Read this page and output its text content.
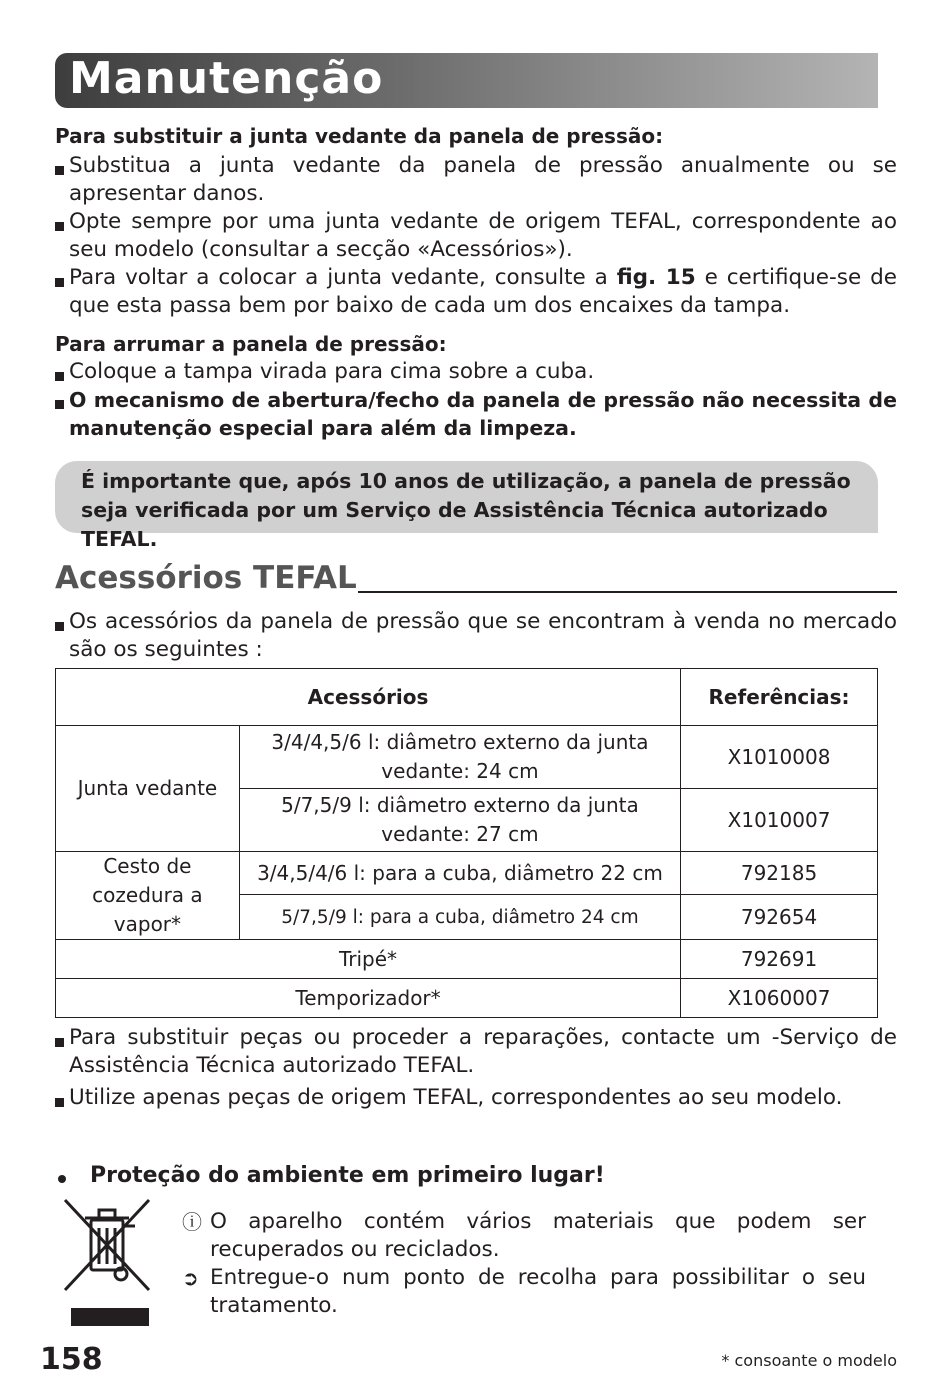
Manutenção
Para substituir a junta vedante da panela de pressão:
Substitua a junta vedante da panela de pressão anualmente ou se apresentar danos.
Opte sempre por uma junta vedante de origem TEFAL, correspondente ao seu modelo (consultar a secção «Acessórios»).
Para voltar a colocar a junta vedante, consulte a fig. 15 e certifique-se de que esta passa bem por baixo de cada um dos encaixes da tampa.
Para arrumar a panela de pressão:
Coloque a tampa virada para cima sobre a cuba.
O mecanismo de abertura/fecho da panela de pressão não necessita de manutenção especial para além da limpeza.
É importante que, após 10 anos de utilização, a panela de pressão seja verificada por um Serviço de Assistência Técnica autorizado TEFAL.
Acessórios TEFAL
Os acessórios da panela de pressão que se encontram à venda no mercado são os seguintes :
Acessórios		Referências:
Junta vedante	3/4/4,5/6 l: diâmetro externo da junta vedante: 24 cm	X1010008
	5/7,5/9 l: diâmetro externo da junta vedante: 27 cm	X1010007
Cesto de cozedura a vapor*	3/4,5/4/6 l: para a cuba, diâmetro 22 cm	792185
	5/7,5/9 l: para a cuba, diâmetro 24 cm	792654
Tripé*		792691
Temporizador*		X1060007
Para substituir peças ou proceder a reparações, contacte um -Serviço de Assistência Técnica autorizado TEFAL.
Utilize apenas peças de origem TEFAL, correspondentes ao seu modelo.
Proteção do ambiente em primeiro lugar!
ⓘ O aparelho contém vários materiais que podem ser recuperados ou reciclados.
➲ Entregue-o num ponto de recolha para possibilitar o seu tratamento.
158	* consoante o modelo
